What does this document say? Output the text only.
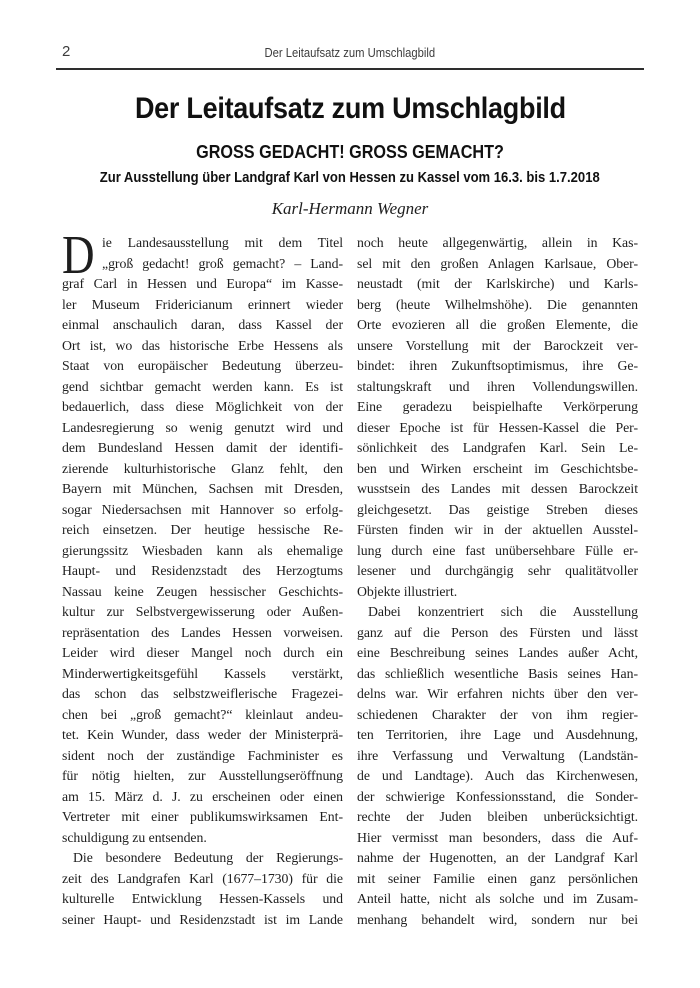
2	Der Leitaufsatz zum Umschlagbild
Der Leitaufsatz zum Umschlagbild
GROSS GEDACHT! GROSS GEMACHT?
Zur Ausstellung über Landgraf Karl von Hessen zu Kassel vom 16.3. bis 1.7.2018
Karl-Hermann Wegner
D ie Landesausstellung mit dem Titel
„groß gedacht! groß gemacht? – Land-
graf Carl in Hessen und Europa“ im Kasse-
ler Museum Fridericianum erinnert wieder
einmal anschaulich daran, dass Kassel der
Ort ist, wo das historische Erbe Hessens als
Staat von europäischer Bedeutung überzeu-
gend sichtbar gemacht werden kann. Es ist
bedauerlich, dass diese Möglichkeit von der
Landesregierung so wenig genutzt wird und
dem Bundesland Hessen damit der identifi-
zierende kulturhistorische Glanz fehlt, den
Bayern mit München, Sachsen mit Dresden,
sogar Niedersachsen mit Hannover so erfolg-
reich einsetzen. Der heutige hessische Re-
gierungssitz Wiesbaden kann als ehemalige
Haupt- und Residenzstadt des Herzogtums
Nassau keine Zeugen hessischer Geschichts-
kultur zur Selbstvergewisserung oder Außen-
repräsentation des Landes Hessen vorweisen.
Leider wird dieser Mangel noch durch ein
Minderwertigkeitsgefühl Kassels verstärkt,
das schon das selbstzweiflerische Fragezei-
chen bei „groß gemacht?“ kleinlaut andeu-
tet. Kein Wunder, dass weder der Ministerprä-
sident noch der zuständige Fachminister es
für nötig hielten, zur Ausstellungseröffnung
am 15. März d. J. zu erscheinen oder einen
Vertreter mit einer publikumswirksamen Ent-
schuldigung zu entsenden.
Die besondere Bedeutung der Regierungs-
zeit des Landgrafen Karl (1677–1730) für die
kulturelle Entwicklung Hessen-Kassels und
seiner Haupt- und Residenzstadt ist im Lande
noch heute allgegenwärtig, allein in Kas-
sel mit den großen Anlagen Karlsaue, Ober-
neustadt (mit der Karlskirche) und Karls-
berg (heute Wilhelmshöhe). Die genannten
Orte evozieren all die großen Elemente, die
unsere Vorstellung mit der Barockzeit ver-
bindet: ihren Zukunftsoptimismus, ihre Ge-
staltungskraft und ihren Vollendungswillen.
Eine geradezu beispielhafte Verkörperung
dieser Epoche ist für Hessen-Kassel die Per-
sönlichkeit des Landgrafen Karl. Sein Le-
ben und Wirken erscheint im Geschichtsbe-
wusstsein des Landes mit dessen Barockzeit
gleichgesetzt. Das geistige Streben dieses
Fürsten finden wir in der aktuellen Ausstel-
lung durch eine fast unübersehbare Fülle er-
lesener und durchgängig sehr qualitätvoller
Objekte illustriert.
Dabei konzentriert sich die Ausstellung
ganz auf die Person des Fürsten und lässt
eine Beschreibung seines Landes außer Acht,
das schließlich wesentliche Basis seines Han-
delns war. Wir erfahren nichts über den ver-
schiedenen Charakter der von ihm regier-
ten Territorien, ihre Lage und Ausdehnung,
ihre Verfassung und Verwaltung (Landstän-
de und Landtage). Auch das Kirchenwesen,
der schwierige Konfessionsstand, die Sonder-
rechte der Juden bleiben unberücksichtigt.
Hier vermisst man besonders, dass die Auf-
nahme der Hugenotten, an der Landgraf Karl
mit seiner Familie einen ganz persönlichen
Anteil hatte, nicht als solche und im Zusam-
menhang behandelt wird, sondern nur bei
